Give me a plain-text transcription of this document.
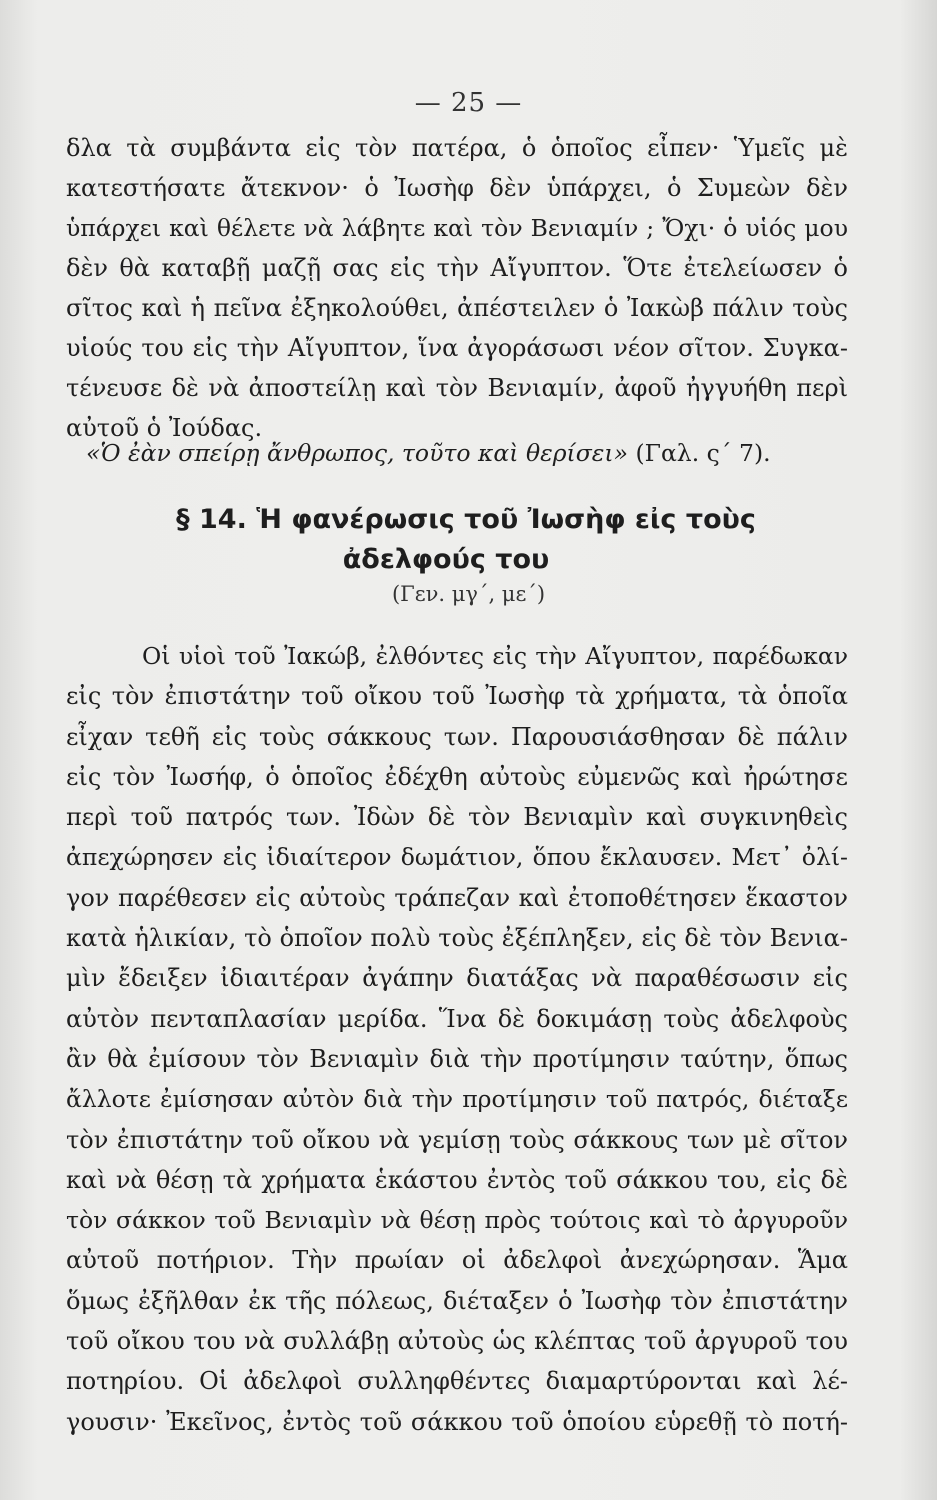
— 25 —
δλα τὰ συμβάντα εἰς τὸν πατέρα, ὁ ὁποῖος εἶπεν· Ὑμεῖς μὲ
κατεστήσατε ἄτεκνον· ὁ Ἰωσὴφ δὲν ὑπάρχει, ὁ Συμεὼν δὲν
ὑπάρχει καὶ θέλετε νὰ λάβητε καὶ τὸν Βενιαμίν ; Ὄχι· ὁ υἱός μου
δὲν θὰ καταβῇ μαζῇ σας εἰς τὴν Αἴγυπτον. Ὅτε ἐτελείωσεν ὁ
σῖτος καὶ ἡ πεῖνα ἐξηκολούθει, ἀπέστειλεν ὁ Ἰακὼβ πάλιν τοὺς
υἱούς του εἰς τὴν Αἴγυπτον, ἵνα ἀγοράσωσι νέον σῖτον. Συγκα-
τένευσε δὲ νὰ ἀποστείλῃ καὶ τὸν Βενιαμίν, ἀφοῦ ἠγγυήθη περὶ
αὐτοῦ ὁ Ἰούδας.
«Ὁ ἐὰν σπείρῃ ἄνθρωπος, τοῦτο καὶ θερίσει» (Γαλ. ς΄ 7).
§ 14. Ἡ φανέρωσις τοῦ Ἰωσὴφ εἰς τοὺς
ἀδελφούς του
(Γεν. μγ΄, με΄)
Οἱ υἱοὶ τοῦ Ἰακώβ, ἐλθόντες εἰς τὴν Αἴγυπτον, παρέδωκαν
εἰς τὸν ἐπιστάτην τοῦ οἴκου τοῦ Ἰωσὴφ τὰ χρήματα, τὰ ὁποῖα
εἶχαν τεθῆ εἰς τοὺς σάκκους των. Παρουσιάσθησαν δὲ πάλιν
εἰς τὸν Ἰωσήφ, ὁ ὁποῖος ἐδέχθη αὐτοὺς εὐμενῶς καὶ ἠρώτησε
περὶ τοῦ πατρός των. Ἰδὼν δὲ τὸν Βενιαμὶν καὶ συγκινηθεὶς
ἀπεχώρησεν εἰς ἰδιαίτερον δωμάτιον, ὅπου ἔκλαυσεν. Μετ᾽ ὀλί-
γον παρέθεσεν εἰς αὐτοὺς τράπεζαν καὶ ἐτοποθέτησεν ἕκαστον
κατὰ ἡλικίαν, τὸ ὁποῖον πολὺ τοὺς ἐξέπληξεν, εἰς δὲ τὸν Βενια-
μὶν ἔδειξεν ἰδιαιτέραν ἀγάπην διατάξας νὰ παραθέσωσιν εἰς
αὐτὸν πενταπλασίαν μερίδα. Ἵνα δὲ δοκιμάσῃ τοὺς ἀδελφοὺς
ἂν θὰ ἐμίσουν τὸν Βενιαμὶν διὰ τὴν προτίμησιν ταύτην, ὅπως
ἄλλοτε ἐμίσησαν αὐτὸν διὰ τὴν προτίμησιν τοῦ πατρός, διέταξε
τὸν ἐπιστάτην τοῦ οἴκου νὰ γεμίσῃ τοὺς σάκκους των μὲ σῖτον
καὶ νὰ θέσῃ τὰ χρήματα ἑκάστου ἐντὸς τοῦ σάκκου του, εἰς δὲ
τὸν σάκκον τοῦ Βενιαμὶν νὰ θέσῃ πρὸς τούτοις καὶ τὸ ἀργυροῦν
αὐτοῦ ποτήριον. Τὴν πρωίαν οἱ ἀδελφοὶ ἀνεχώρησαν. Ἅμα
ὅμως ἐξῆλθαν ἐκ τῆς πόλεως, διέταξεν ὁ Ἰωσὴφ τὸν ἐπιστάτην
τοῦ οἴκου του νὰ συλλάβῃ αὐτοὺς ὡς κλέπτας τοῦ ἀργυροῦ του
ποτηρίου. Οἱ ἀδελφοὶ συλληφθέντες διαμαρτύρονται καὶ λέ-
γουσιν· Ἐκεῖνος, ἐντὸς τοῦ σάκκου τοῦ ὁποίου εὑρεθῇ τὸ ποτή-
